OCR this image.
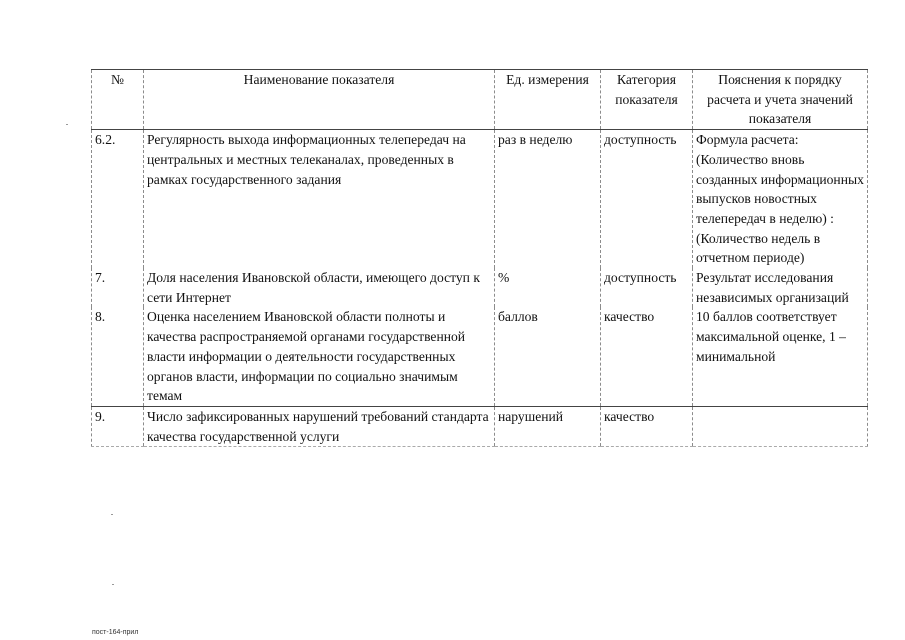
№	Наименование показателя	Ед. измерения	Категория показателя	Пояснения к порядку расчета и учета значений показателя
6.2.	Регулярность выхода информационных телепередач на центральных и местных телеканалах, проведенных в рамках государственного задания	раз в неделю	доступность	Формула расчета: (Количество вновь созданных информационных выпусков новостных телепередач в неделю) : (Количество недель в отчетном периоде)
7.	Доля населения Ивановской области, имеющего доступ к сети Интернет	%	доступность	Результат исследования независимых организаций
8.	Оценка населением Ивановской области полноты и качества распространяемой органами государственной власти информации о деятельности государственных органов власти, информации по социально значимым темам	баллов	качество	10 баллов соответствует максимальной оценке, 1 – минимальной
9.	Число зафиксированных нарушений требований стандарта качества государственной услуги	нарушений	качество	
пост-164-прил
